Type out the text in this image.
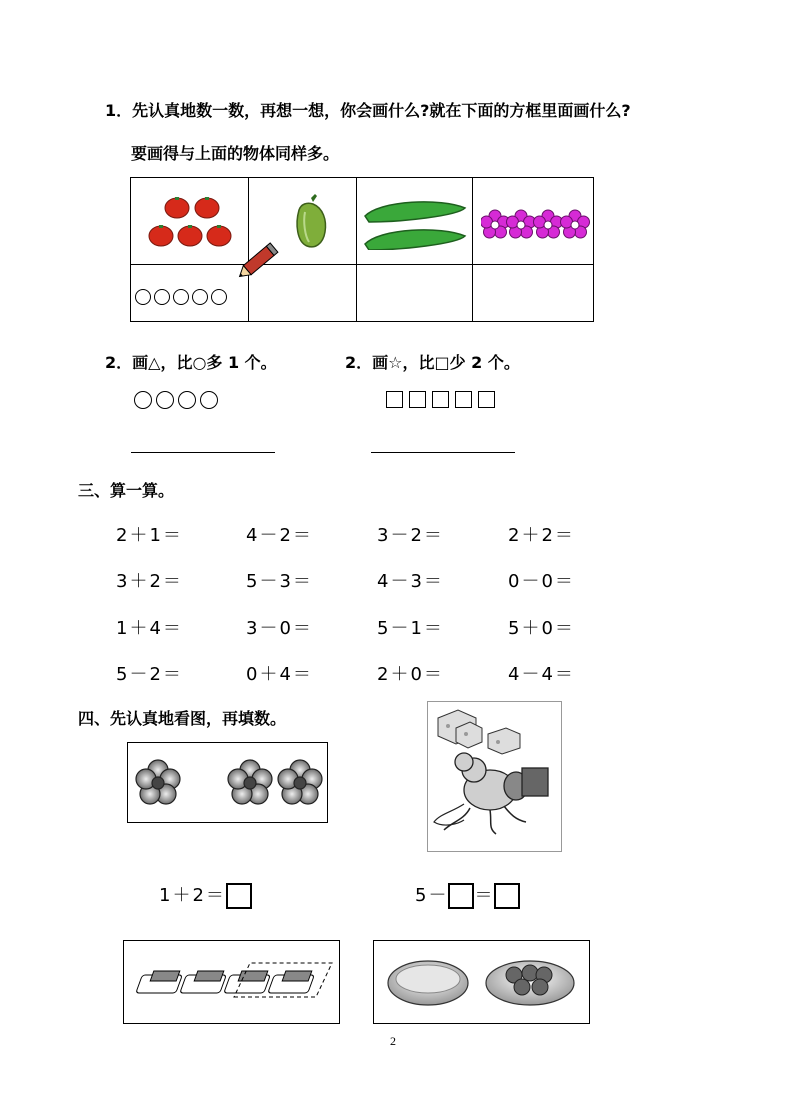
1．先认真地数一数，再想一想，你会画什么?就在下面的方框里面画什么?
要画得与上面的物体同样多。
2．画△，比○多 1 个。	2．画☆，比□少 2 个。
三、算一算。
2＋1＝	4－2＝	3－2＝	2＋2＝
3＋2＝	5－3＝	4－3＝	0－0＝
1＋4＝	3－0＝	5－1＝	5＋0＝
5－2＝	0＋4＝	2＋0＝	4－4＝
四、先认真地看图，再填数。
1＋2＝	5－ ＝
2
